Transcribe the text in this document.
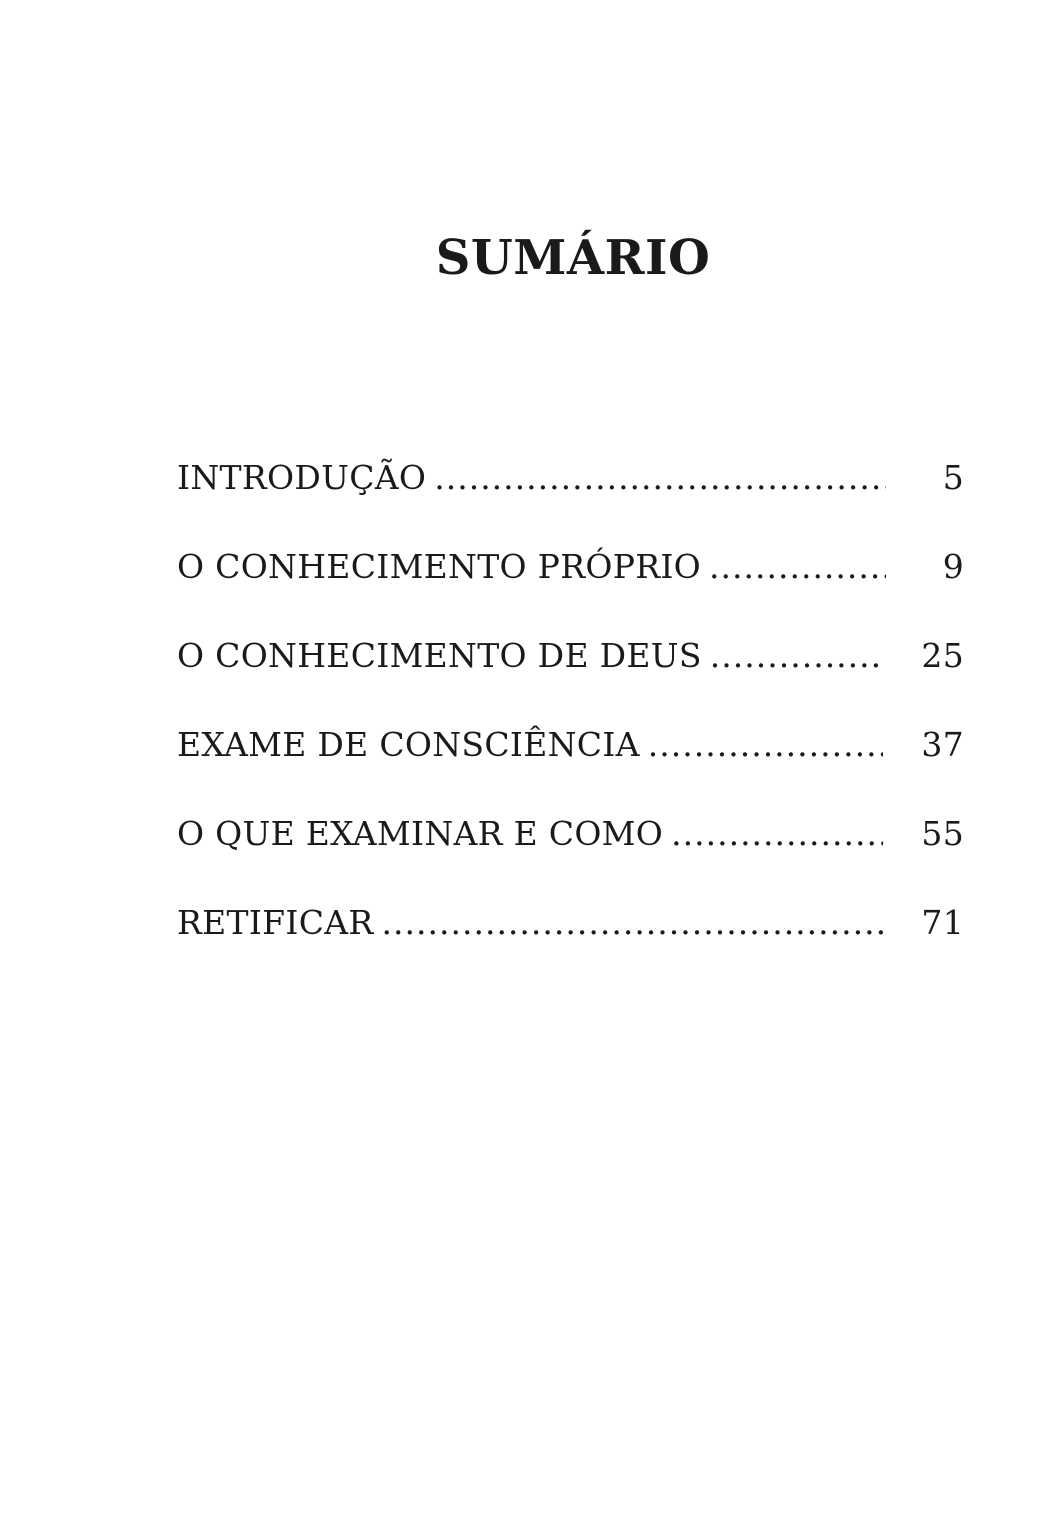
SUMÁRIO
INTRODUÇÃO .....	5
O CONHECIMENTO PRÓPRIO .....	9
O CONHECIMENTO DE DEUS .....	25
EXAME DE CONSCIÊNCIA .....	37
O QUE EXAMINAR E COMO .....	55
RETIFICAR .....	71
